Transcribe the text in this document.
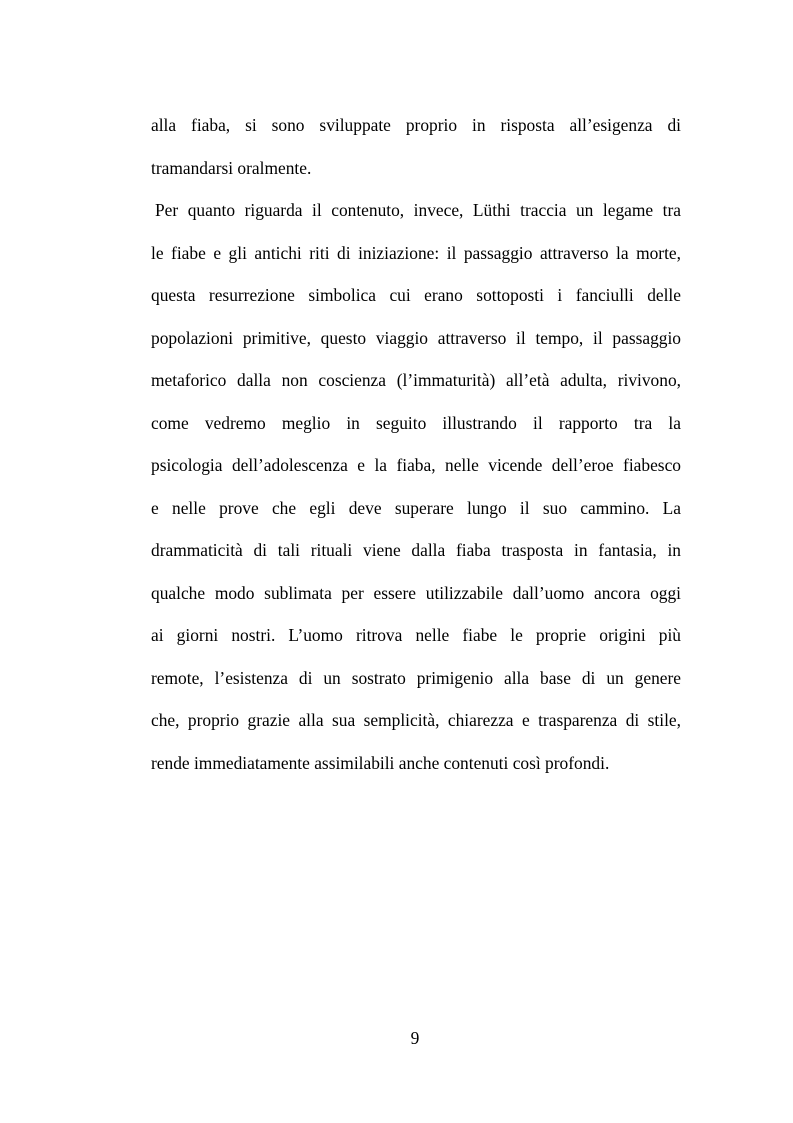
alla fiaba, si sono sviluppate proprio in risposta all’esigenza di
tramandarsi oralmente.
Per quanto riguarda il contenuto, invece, Lüthi traccia un legame tra
le fiabe e gli antichi riti di iniziazione: il passaggio attraverso la morte,
questa resurrezione simbolica cui erano sottoposti i fanciulli delle
popolazioni primitive, questo viaggio attraverso il tempo, il passaggio
metaforico dalla non coscienza (l’immaturità) all’età adulta, rivivono,
come vedremo meglio in seguito illustrando il rapporto tra la
psicologia dell’adolescenza e la fiaba, nelle vicende dell’eroe fiabesco
e nelle prove che egli deve superare lungo il suo cammino. La
drammaticità di tali rituali viene dalla fiaba trasposta in fantasia, in
qualche modo sublimata per essere utilizzabile dall’uomo ancora oggi
ai giorni nostri. L’uomo ritrova nelle fiabe le proprie origini più
remote, l’esistenza di un sostrato primigenio alla base di un genere
che, proprio grazie alla sua semplicità, chiarezza e trasparenza di stile,
rende immediatamente assimilabili anche contenuti così profondi.
9
